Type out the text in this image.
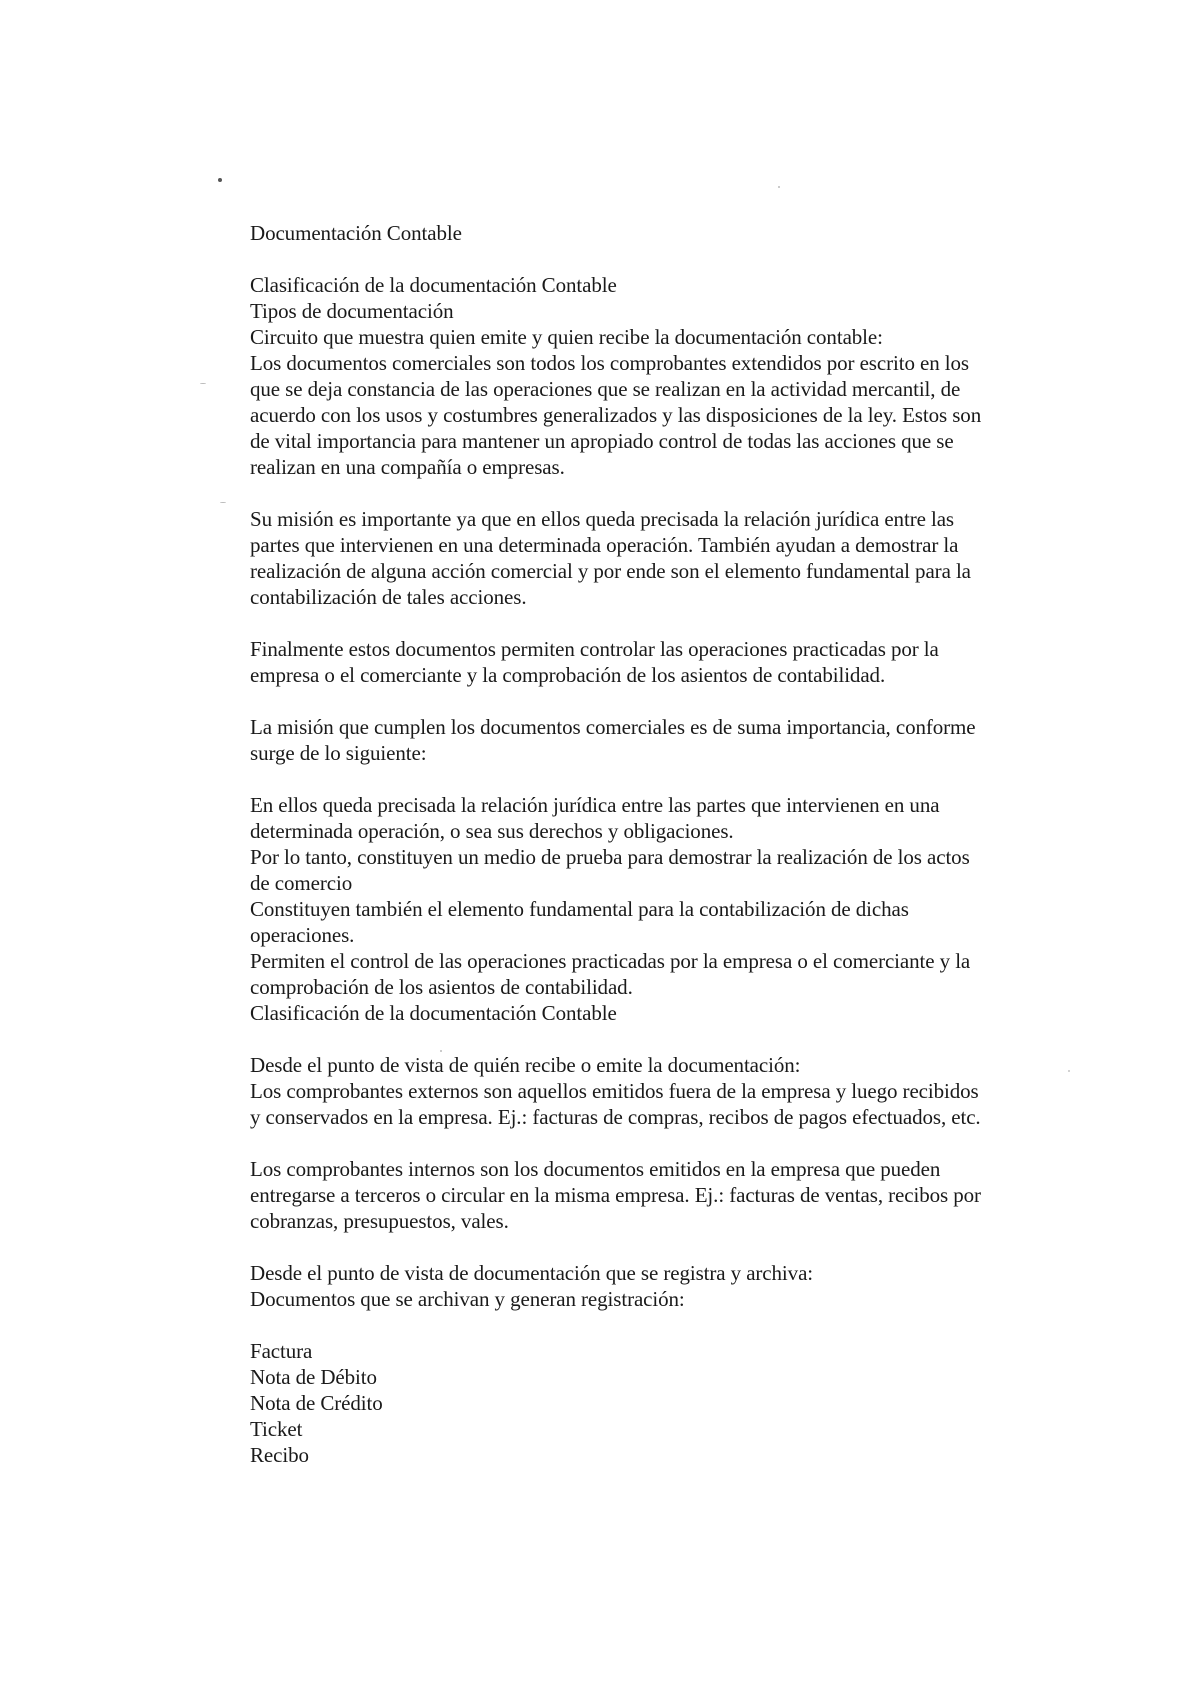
Documentación Contable

Clasificación de la documentación Contable

Tipos de documentación

Circuito que muestra quien emite y quien recibe la documentación contable:

Los documentos comerciales son todos los comprobantes extendidos por escrito en los

que se deja constancia de las operaciones que se realizan en la actividad mercantil, de

acuerdo con los usos y costumbres generalizados y las disposiciones de la ley. Estos son

de vital importancia para mantener un apropiado control de todas las acciones que se

realizan en una compañía o empresas.

Su misión es importante ya que en ellos queda precisada la relación jurídica entre las

partes que intervienen en una determinada operación. También ayudan a demostrar la

realización de alguna acción comercial y por ende son el elemento fundamental para la

contabilización de tales acciones.

Finalmente estos documentos permiten controlar las operaciones practicadas por la

empresa o el comerciante y la comprobación de los asientos de contabilidad.

La misión que cumplen los documentos comerciales es de suma importancia, conforme

surge de lo siguiente:

En ellos queda precisada la relación jurídica entre las partes que intervienen en una

determinada operación, o sea sus derechos y obligaciones.

Por lo tanto, constituyen un medio de prueba para demostrar la realización de los actos

de comercio

Constituyen también el elemento fundamental para la contabilización de dichas

operaciones.

Permiten el control de las operaciones practicadas por la empresa o el comerciante y la

comprobación de los asientos de contabilidad.

Clasificación de la documentación Contable

Desde el punto de vista de quién recibe o emite la documentación:

Los comprobantes externos son aquellos emitidos fuera de la empresa y luego recibidos

y conservados en la empresa. Ej.: facturas de compras, recibos de pagos efectuados, etc.

Los comprobantes internos son los documentos emitidos en la empresa que pueden

entregarse a terceros o circular en la misma empresa. Ej.: facturas de ventas, recibos por

cobranzas, presupuestos, vales.

Desde el punto de vista de documentación que se registra y archiva:

Documentos que se archivan y generan registración:

Factura

Nota de Débito

Nota de Crédito

Ticket

Recibo
